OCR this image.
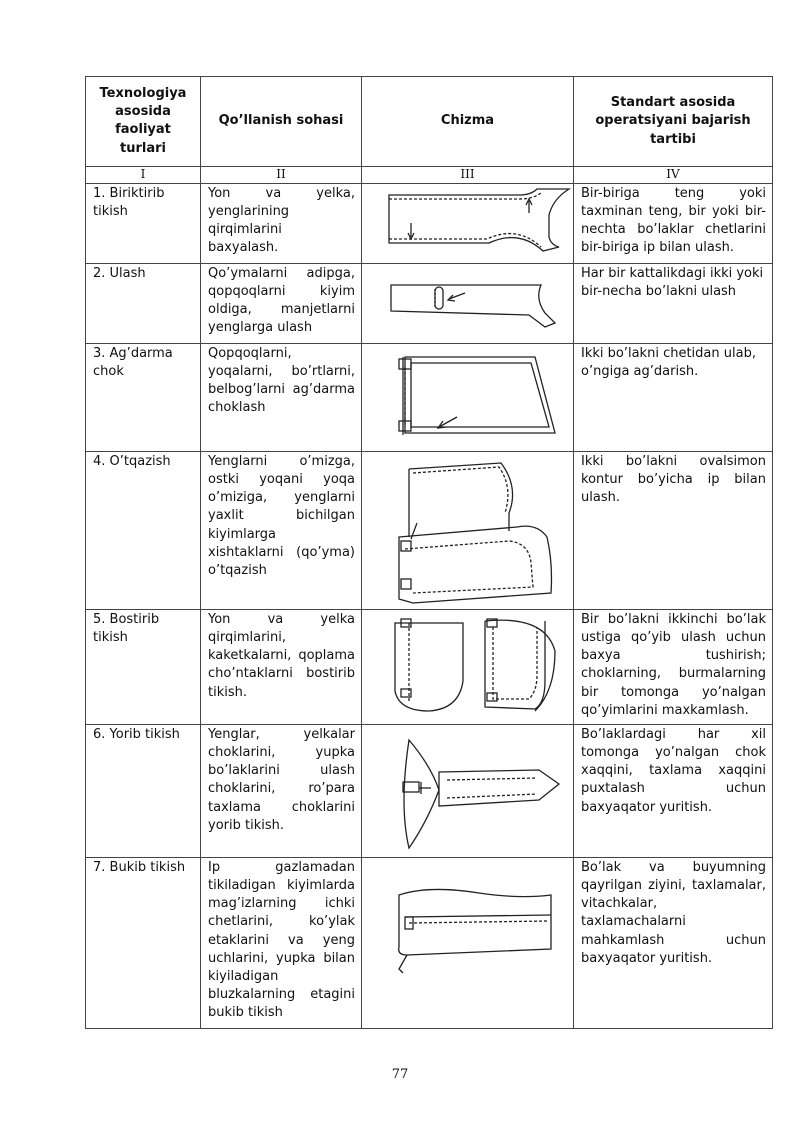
Texnologiya asosida faoliyat turlari	Qo’llanish sohasi	Chizma	Standart asosida operatsiyani bajarish tartibi
I	II	III	IV
1. Biriktirib tikish	Yon va yelka, yenglarining qirqimlarini baxyalash.		Bir-biriga teng yoki taxminan teng, bir yoki bir-nechta bo’laklar chetlarini bir-biriga ip bilan ulash.
2. Ulash	Qo’ymalarni adipga, qopqoqlarni kiyim oldiga, manjetlarni yenglarga ulash		Har bir kattalikdagi ikki yoki bir-necha bo’lakni ulash
3. Ag’darma chok	Qopqoqlarni, yoqalarni, bo’rtlarni, belbog’larni ag’darma choklash		Ikki bo’lakni chetidan ulab, o’ngiga ag’darish.
4. O’tqazish	Yenglarni o’mizga, ostki yoqani yoqa o’miziga, yenglarni yaxlit bichilgan kiyimlarga xishtaklarni (qo’yma) o’tqazish		Ikki bo’lakni ovalsimon kontur bo’yicha ip bilan ulash.
5. Bostirib tikish	Yon va yelka qirqimlarini, kaketkalarni, qoplama cho’ntaklarni bostirib tikish.		Bir bo’lakni ikkinchi bo’lak ustiga qo’yib ulash uchun baxya tushirish; choklarning, burmalarning bir tomonga yo’nalgan qo’yimlarini maxkamlash.
6. Yorib tikish	Yenglar, yelkalar choklarini, yupka bo’laklarini ulash choklarini, ro’para taxlama choklarini yorib tikish.		Bo’laklardagi har xil tomonga yo’nalgan chok xaqqini, taxlama xaqqini puxtalash uchun baxyaqator yuritish.
7. Bukib tikish	Ip gazlamadan tikiladigan kiyimlarda mag’izlarning ichki chetlarini, ko’ylak etaklarini va yeng uchlarini, yupka bilan kiyiladigan bluzkalarning etagini bukib tikish		Bo’lak va buyumning qayrilgan ziyini, taxlamalar, vitachkalar, taxlamachalarni mahkamlash uchun baxyaqator yuritish.
77
